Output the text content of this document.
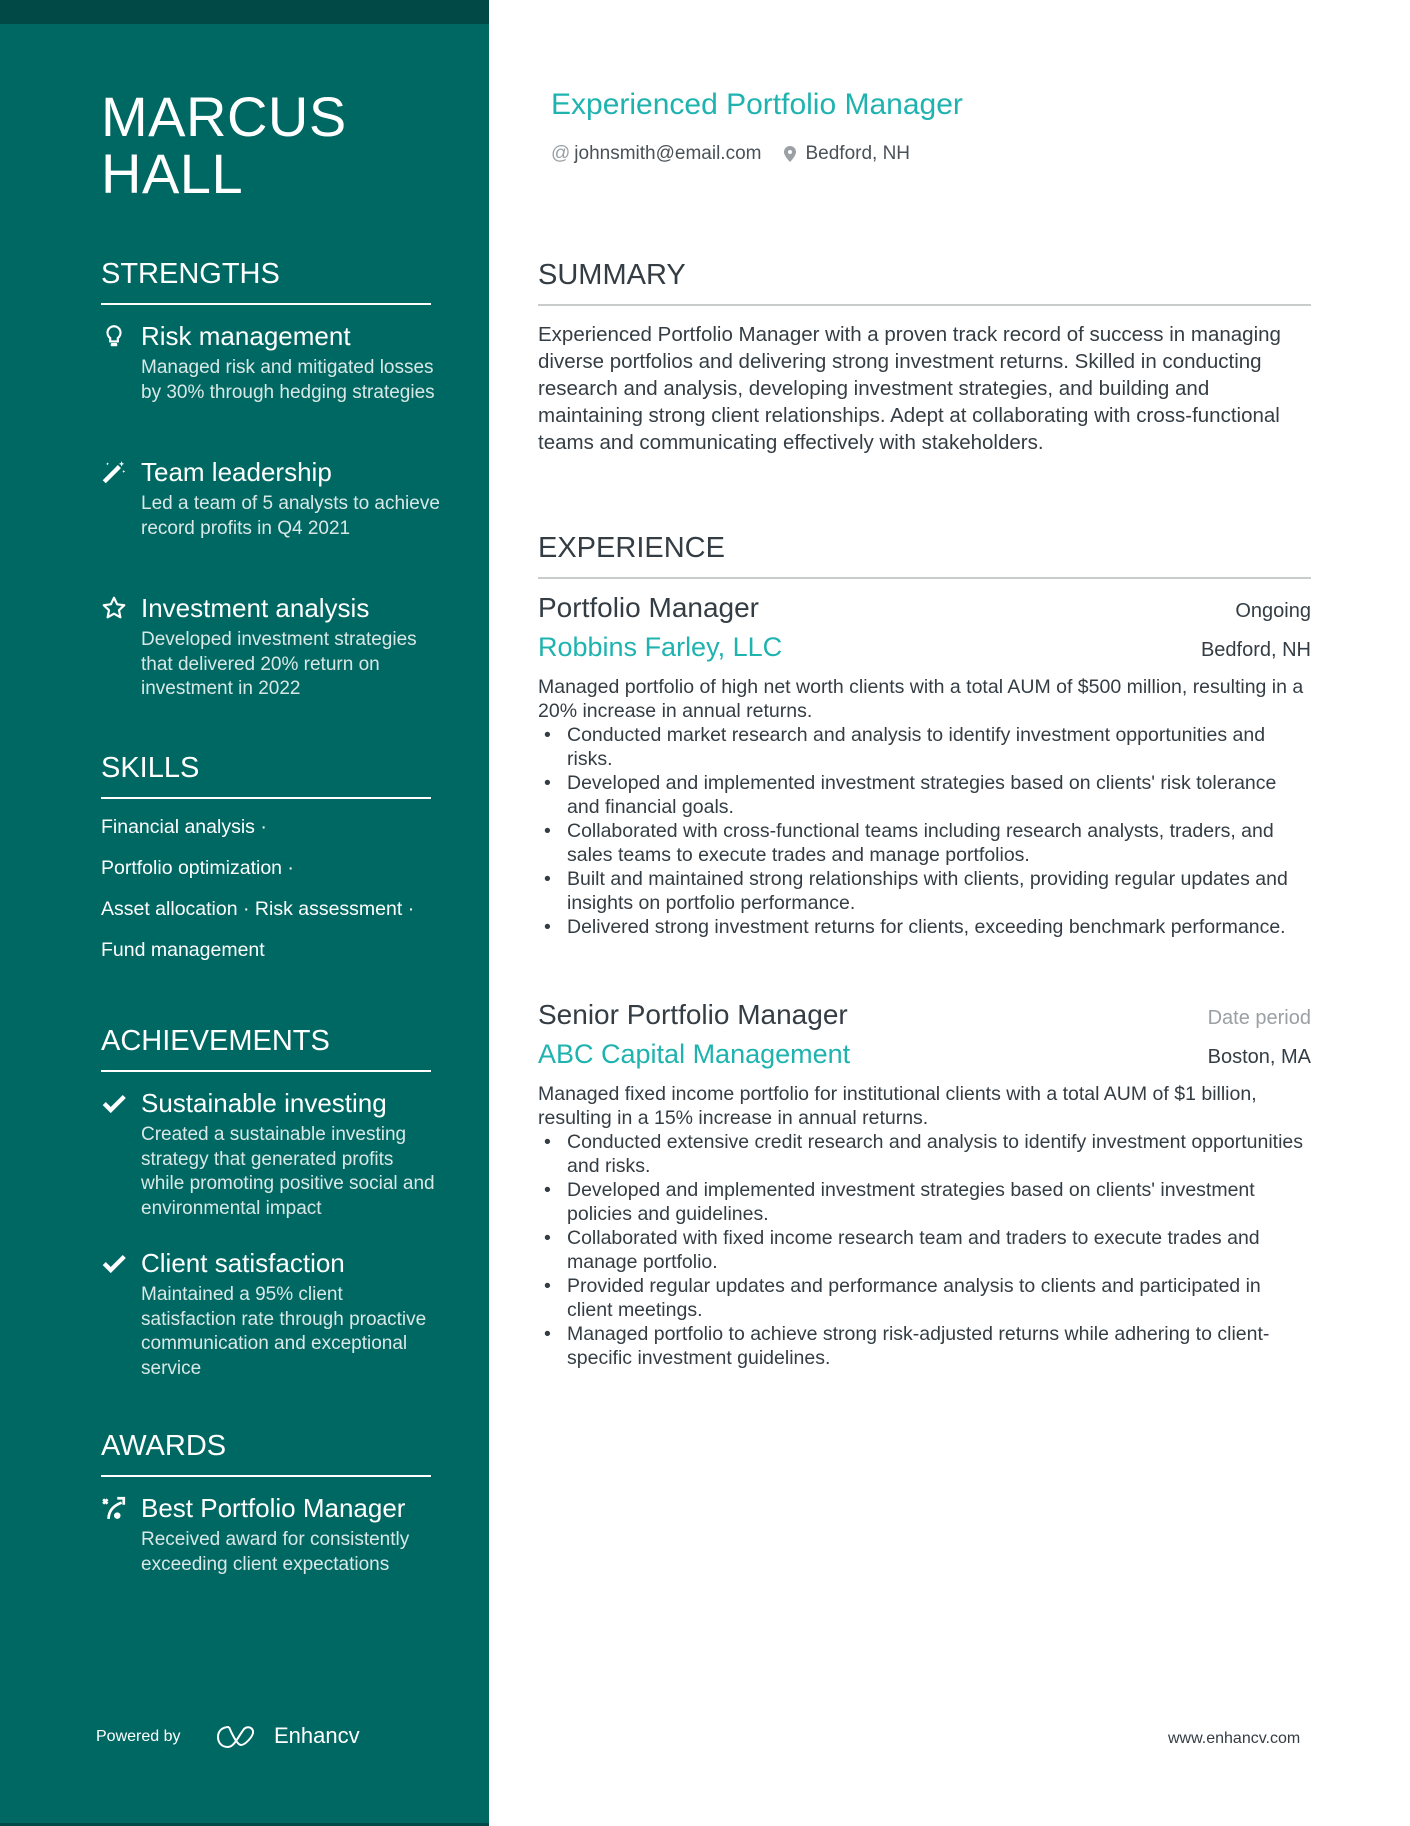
MARCUS
HALL
STRENGTHS
Risk management
Managed risk and mitigated losses by 30% through hedging strategies
Team leadership
Led a team of 5 analysts to achieve record profits in Q4 2021
Investment analysis
Developed investment strategies that delivered 20% return on investment in 2022
SKILLS
Financial analysis ·
Portfolio optimization ·
Asset allocation · Risk assessment ·
Fund management
ACHIEVEMENTS
Sustainable investing
Created a sustainable investing strategy that generated profits while promoting positive social and environmental impact
Client satisfaction
Maintained a 95% client satisfaction rate through proactive communication and exceptional service
AWARDS
Best Portfolio Manager
Received award for consistently exceeding client expectations
Powered by	Enhancv	www.enhancv.com
Experienced Portfolio Manager
@ johnsmith@email.com Bedford, NH
SUMMARY
Experienced Portfolio Manager with a proven track record of success in managing diverse portfolios and delivering strong investment returns. Skilled in conducting research and analysis, developing investment strategies, and building and maintaining strong client relationships. Adept at collaborating with cross-functional teams and communicating effectively with stakeholders.
EXPERIENCE
Portfolio Manager	Ongoing
Robbins Farley, LLC	Bedford, NH
Managed portfolio of high net worth clients with a total AUM of $500 million, resulting in a 20% increase in annual returns.
• Conducted market research and analysis to identify investment opportunities and risks.
• Developed and implemented investment strategies based on clients' risk tolerance and financial goals.
• Collaborated with cross-functional teams including research analysts, traders, and sales teams to execute trades and manage portfolios.
• Built and maintained strong relationships with clients, providing regular updates and insights on portfolio performance.
• Delivered strong investment returns for clients, exceeding benchmark performance.
Senior Portfolio Manager	Date period
ABC Capital Management	Boston, MA
Managed fixed income portfolio for institutional clients with a total AUM of $1 billion, resulting in a 15% increase in annual returns.
• Conducted extensive credit research and analysis to identify investment opportunities and risks.
• Developed and implemented investment strategies based on clients' investment policies and guidelines.
• Collaborated with fixed income research team and traders to execute trades and manage portfolio.
• Provided regular updates and performance analysis to clients and participated in client meetings.
• Managed portfolio to achieve strong risk-adjusted returns while adhering to client-specific investment guidelines.
